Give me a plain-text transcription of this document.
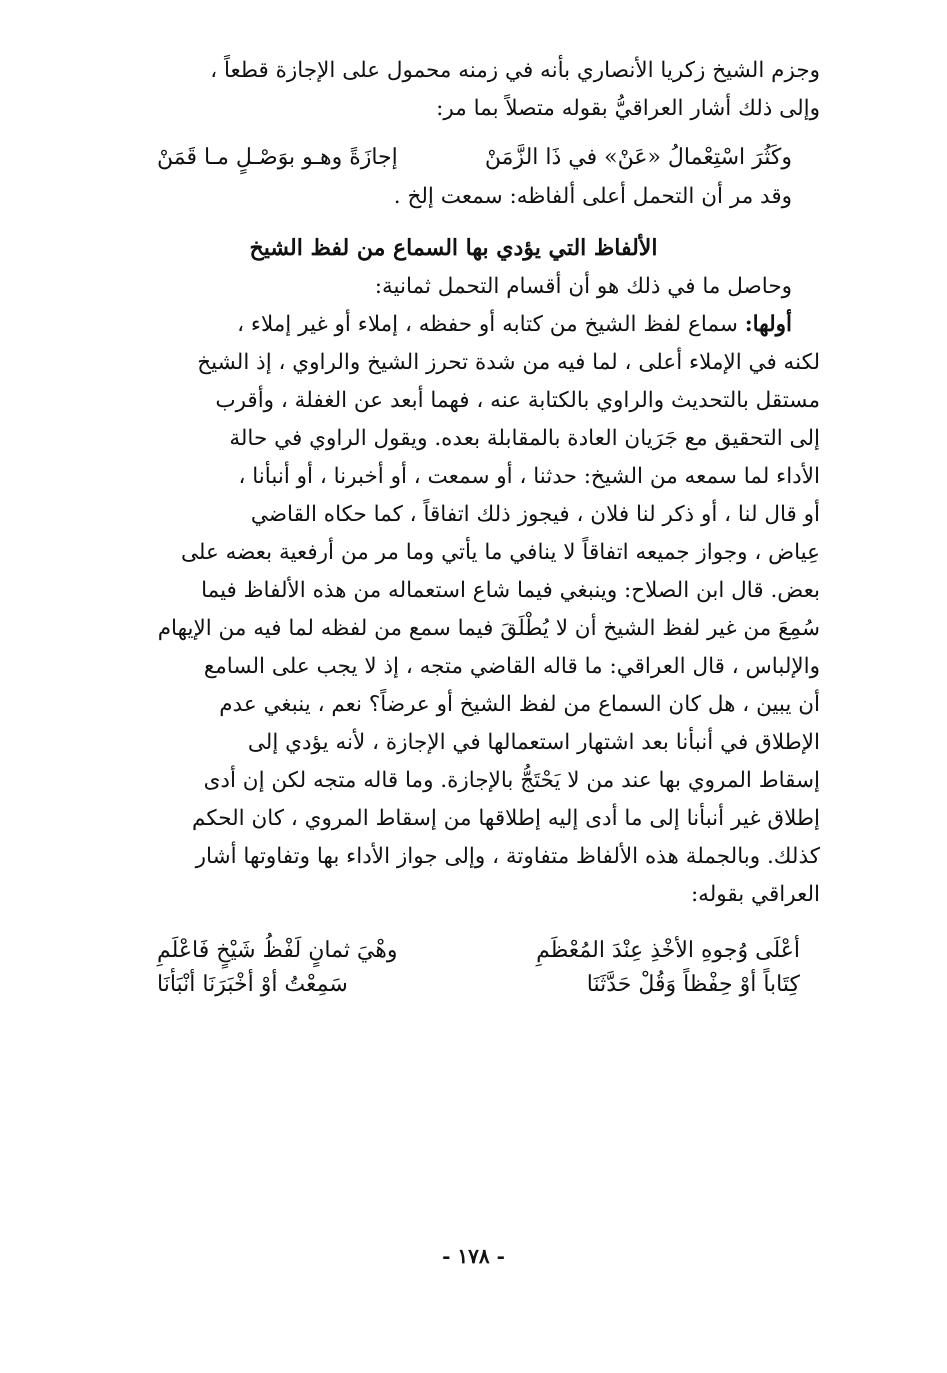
وجزم الشيخ زكريا الأنصاري بأنه في زمنه محمول على الإجازة قطعاً ،

وإلى ذلك أشار العراقيُّ بقوله متصلاً بما مر:

وكَثُرَ اسْتِعْمالُ «عَنْ» في ذَا الزَّمَنْ
إجازَةً وهـو بوَصْـلٍ مـا قَمَنْ

وقد مر أن التحمل أعلى ألفاظه: سمعت إلخ .

الألفاظ التي يؤدي بها السماع من لفظ الشيخ

وحاصل ما في ذلك هو أن أقسام التحمل ثمانية:

أولها: سماع لفظ الشيخ من كتابه أو حفظه ، إملاء أو غير إملاء ،

لكنه في الإملاء أعلى ، لما فيه من شدة تحرز الشيخ والراوي ، إذ الشيخ

مستقل بالتحديث والراوي بالكتابة عنه ، فهما أبعد عن الغفلة ، وأقرب

إلى التحقيق مع جَرَيان العادة بالمقابلة بعده. ويقول الراوي في حالة

الأداء لما سمعه من الشيخ: حدثنا ، أو سمعت ، أو أخبرنا ، أو أنبأنا ،

أو قال لنا ، أو ذكر لنا فلان ، فيجوز ذلك اتفاقاً ، كما حكاه القاضي

عِياض ، وجواز جميعه اتفاقاً لا ينافي ما يأتي وما مر من أرفعية بعضه على

بعض. قال ابن الصلاح: وينبغي فيما شاع استعماله من هذه الألفاظ فيما

سُمِعَ من غير لفظ الشيخ أن لا يُطْلَقَ فيما سمع من لفظه لما فيه من الإيهام

والإلباس ، قال العراقي: ما قاله القاضي متجه ، إذ لا يجب على السامع

أن يبين ، هل كان السماع من لفظ الشيخ أو عرضاً؟ نعم ، ينبغي عدم

الإطلاق في أنبأنا بعد اشتهار استعمالها في الإجازة ، لأنه يؤدي إلى

إسقاط المروي بها عند من لا يَحْتَجُّ بالإجازة. وما قاله متجه لكن إن أدى

إطلاق غير أنبأنا إلى ما أدى إليه إطلاقها من إسقاط المروي ، كان الحكم

كذلك. وبالجملة هذه الألفاظ متفاوتة ، وإلى جواز الأداء بها وتفاوتها أشار

العراقي بقوله:

أعْلَى وُجوهِ الأخْذِ عِنْدَ المُعْظَمِ
وهْيَ ثمانٍ لَفْظُ شَيْخٍ فَاعْلَمِ
كِتَاباً أوْ حِفْظاً وَقُلْ حَدَّثَنَا
سَمِعْتُ أوْ أخْبَرَنَا أنْبَأنَا
- ١٧٨ -
